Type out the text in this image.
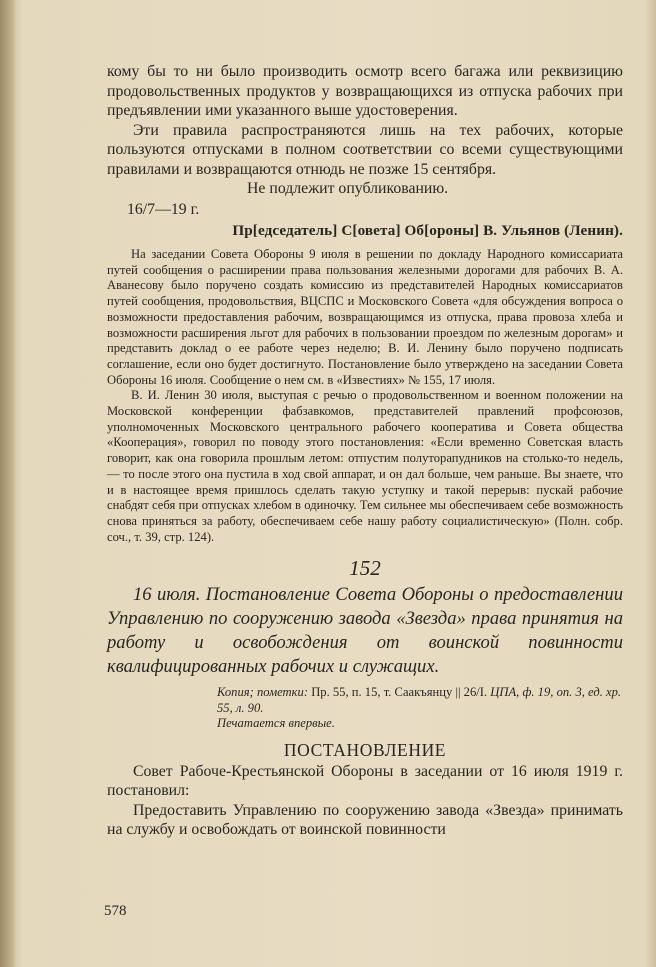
кому бы то ни было производить осмотр всего багажа или реквизицию продовольственных продуктов у возвращающихся из отпуска рабочих при предъявлении ими указанного выше удостоверения.

Эти правила распространяются лишь на тех рабочих, которые пользуются отпусками в полном соответствии со всеми существующими правилами и возвращаются отнюдь не позже 15 сентября.

Не подлежит опубликованию.

16/7—19 г.

Пр[едседатель] С[овета] Об[ороны] В. Ульянов (Ленин).

На заседании Совета Обороны 9 июля в решении по докладу Народного комиссариата путей сообщения о расширении права пользования железными дорогами для рабочих В. А. Аванесову было поручено создать комиссию из представителей Народных комиссариатов путей сообщения, продовольствия, ВЦСПС и Московского Совета «для обсуждения вопроса о возможности предоставления рабочим, возвращающимся из отпуска, права провоза хлеба и возможности расширения льгот для рабочих в пользовании проездом по железным дорогам» и представить доклад о ее работе через неделю; В. И. Ленину было поручено подписать соглашение, если оно будет достигнуто. Постановление было утверждено на заседании Совета Обороны 16 июля. Сообщение о нем см. в «Известиях» № 155, 17 июля.

В. И. Ленин 30 июля, выступая с речью о продовольственном и военном положении на Московской конференции фабзавкомов, представителей правлений профсоюзов, уполномоченных Московского центрального рабочего кооператива и Совета общества «Кооперация», говорил по поводу этого постановления: «Если временно Советская власть говорит, как она говорила прошлым летом: отпустим полуторапудников на столько-то недель,— то после этого она пустила в ход свой аппарат, и он дал больше, чем раньше. Вы знаете, что и в настоящее время пришлось сделать такую уступку и такой перерыв: пускай рабочие снабдят себя при отпусках хлебом в одиночку. Тем сильнее мы обеспечиваем себе возможность снова приняться за работу, обеспечиваем себе нашу работу социалистическую» (Полн. собр. соч., т. 39, стр. 124).

152

16 июля. Постановление Совета Обороны о предоставлении Управлению по сооружению завода «Звезда» права принятия на работу и освобождения от воинской повинности квалифицированных рабочих и служащих.

Копия; пометки: Пр. 55, п. 15, т. Саакъянцу || 26/I. ЦПА, ф. 19, оп. 3, ед. хр. 55, л. 90.
Печатается впервые.

ПОСТАНОВЛЕНИЕ

Совет Рабоче-Крестьянской Обороны в заседании от 16 июля 1919 г. постановил:

Предоставить Управлению по сооружению завода «Звезда» принимать на службу и освобождать от воинской повинности

578
